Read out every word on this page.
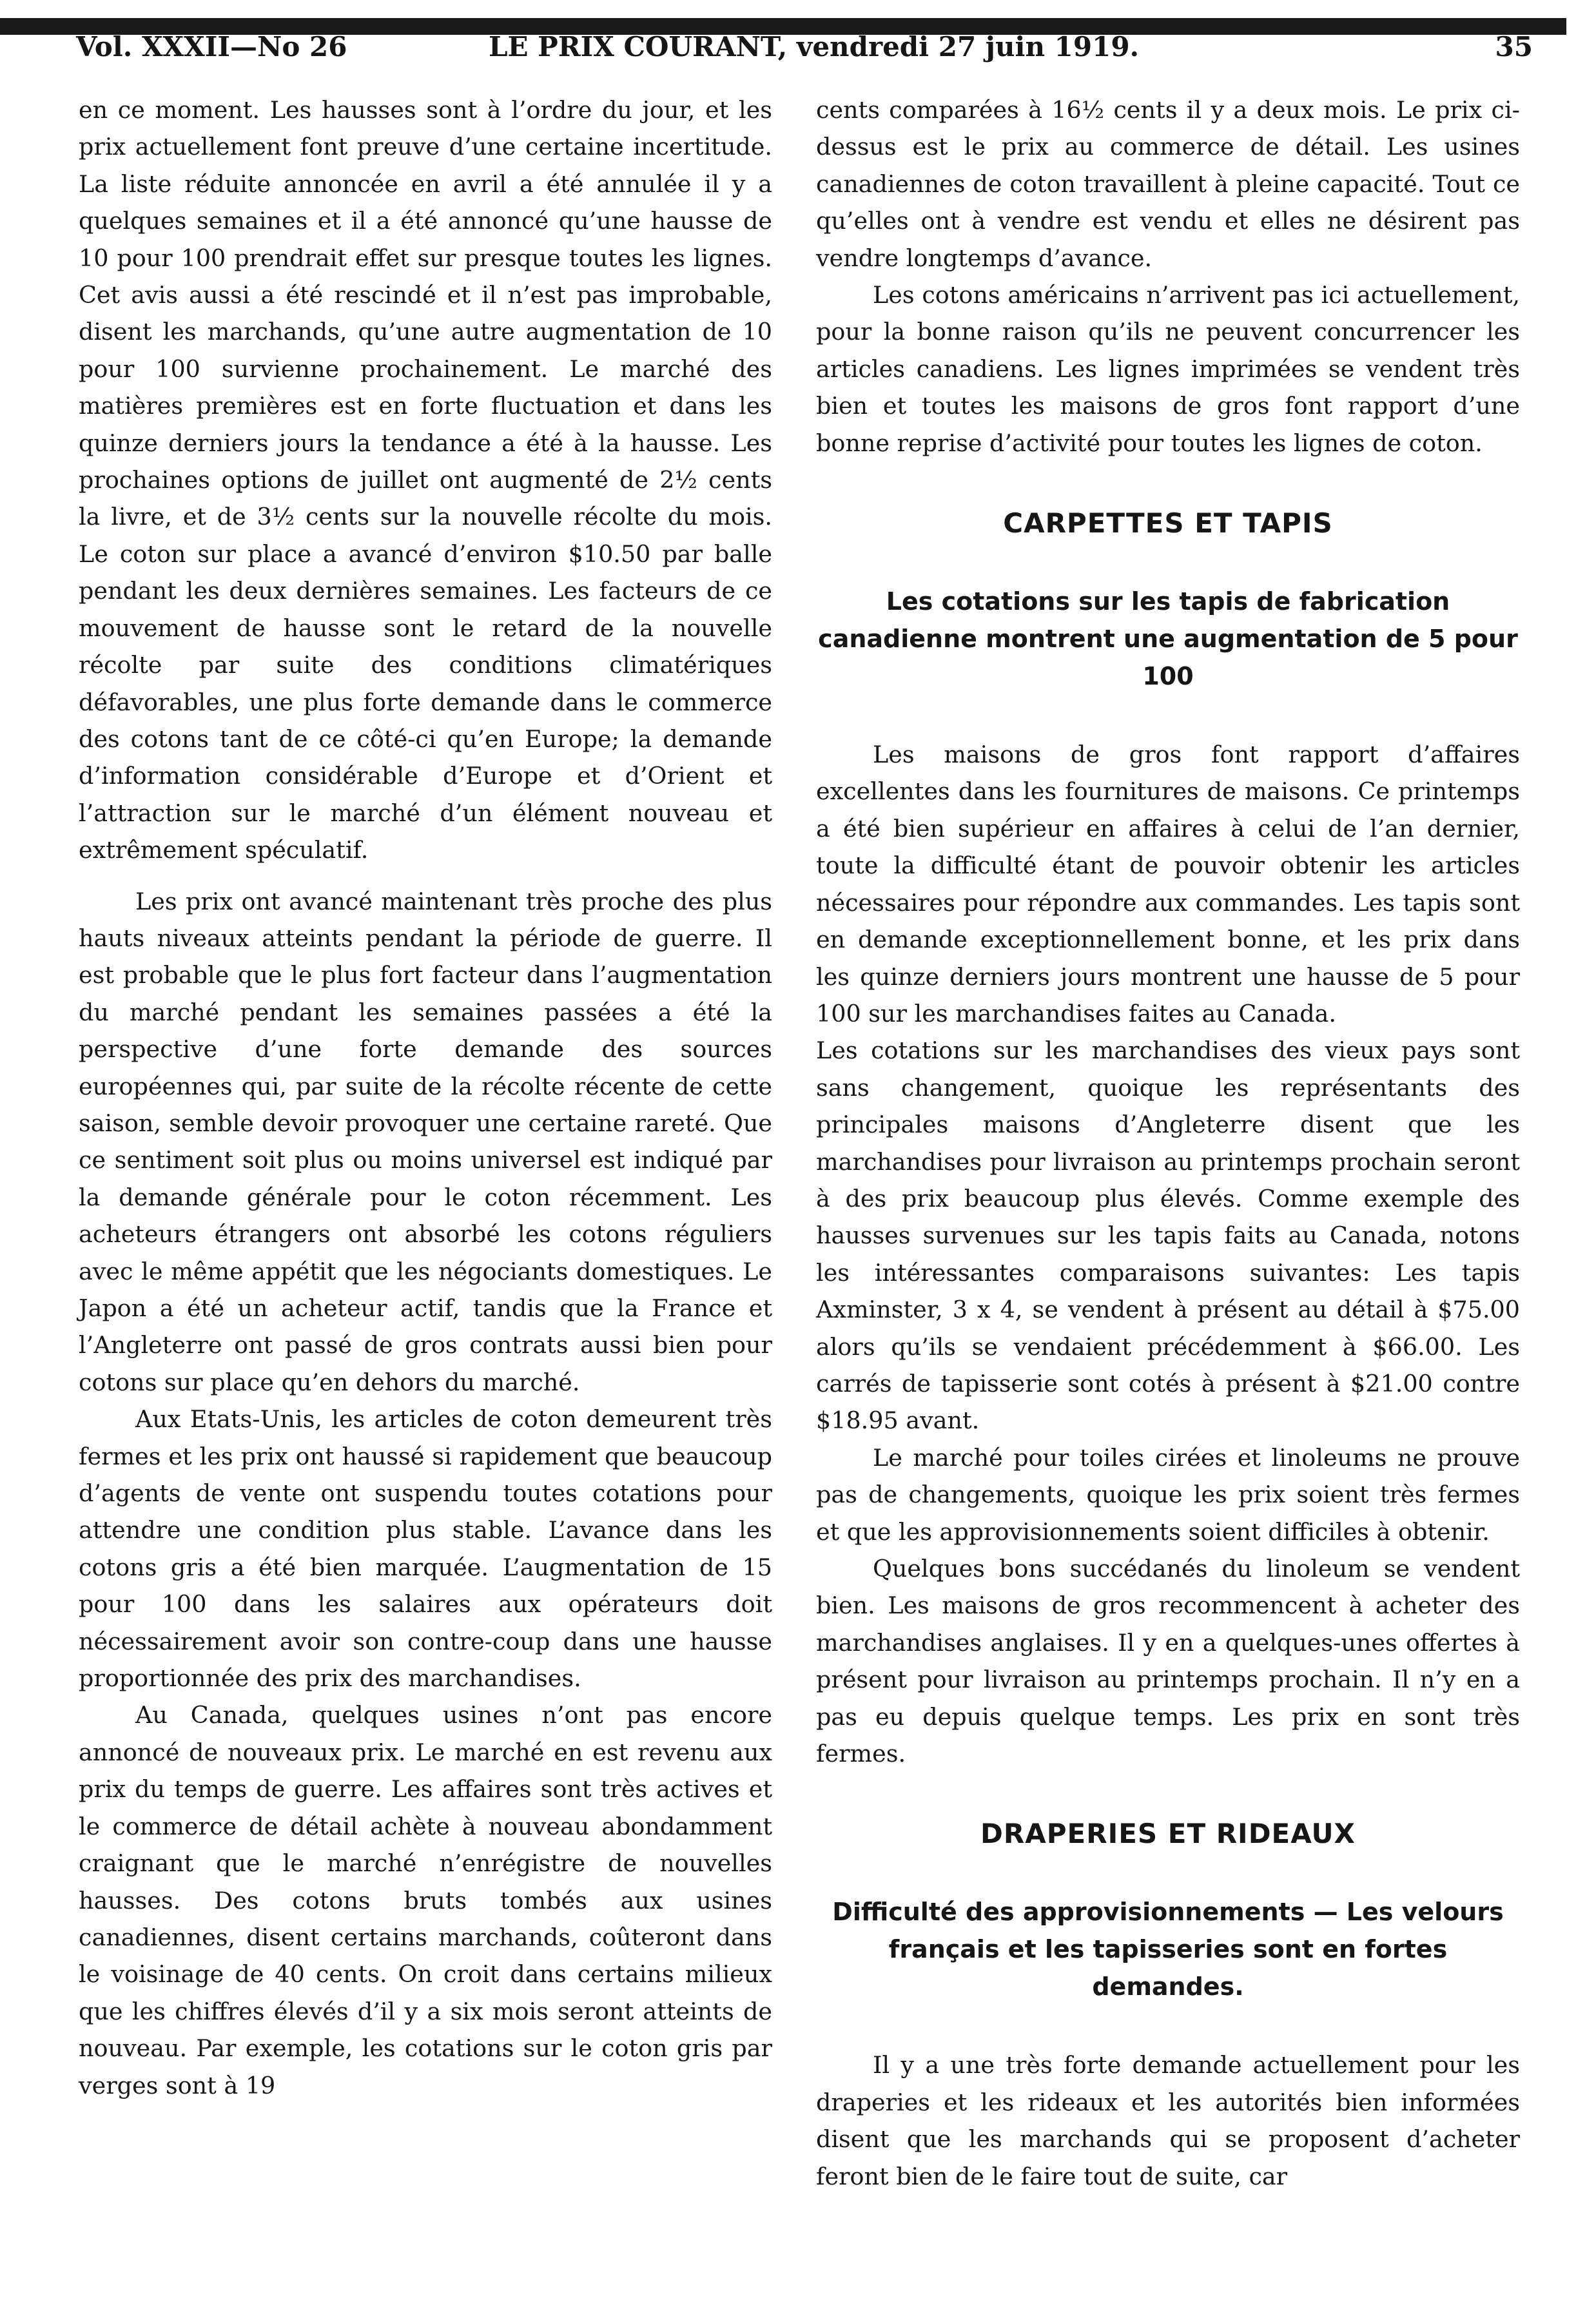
Vol. XXXII—No 26	LE PRIX COURANT, vendredi 27 juin 1919.	35

en ce moment. Les hausses sont à l’ordre du jour, et les prix actuellement font preuve d’une certaine incertitude. La liste réduite annoncée en avril a été annulée il y a quelques semaines et il a été annoncé qu’une hausse de 10 pour 100 prendrait effet sur presque toutes les lignes. Cet avis aussi a été rescindé et il n’est pas improbable, disent les marchands, qu’une autre augmentation de 10 pour 100 survienne prochainement. Le marché des matières premières est en forte fluctuation et dans les quinze derniers jours la tendance a été à la hausse. Les prochaines options de juillet ont augmenté de 2½ cents la livre, et de 3½ cents sur la nouvelle récolte du mois. Le coton sur place a avancé d’environ $10.50 par balle pendant les deux dernières semaines. Les facteurs de ce mouvement de hausse sont le retard de la nouvelle récolte par suite des conditions climatériques défavorables, une plus forte demande dans le commerce des cotons tant de ce côté-ci qu’en Europe; la demande d’information considérable d’Europe et d’Orient et l’attraction sur le marché d’un élément nouveau et extrêmement spéculatif.

Les prix ont avancé maintenant très proche des plus hauts niveaux atteints pendant la période de guerre. Il est probable que le plus fort facteur dans l’augmentation du marché pendant les semaines passées a été la perspective d’une forte demande des sources européennes qui, par suite de la récolte récente de cette saison, semble devoir provoquer une certaine rareté. Que ce sentiment soit plus ou moins universel est indiqué par la demande générale pour le coton récemment. Les acheteurs étrangers ont absorbé les cotons réguliers avec le même appétit que les négociants domestiques. Le Japon a été un acheteur actif, tandis que la France et l’Angleterre ont passé de gros contrats aussi bien pour cotons sur place qu’en dehors du marché.

Aux Etats-Unis, les articles de coton demeurent très fermes et les prix ont haussé si rapidement que beaucoup d’agents de vente ont suspendu toutes cotations pour attendre une condition plus stable. L’avance dans les cotons gris a été bien marquée. L’augmentation de 15 pour 100 dans les salaires aux opérateurs doit nécessairement avoir son contre-coup dans une hausse proportionnée des prix des marchandises.

Au Canada, quelques usines n’ont pas encore annoncé de nouveaux prix. Le marché en est revenu aux prix du temps de guerre. Les affaires sont très actives et le commerce de détail achète à nouveau abondamment craignant que le marché n’enrégistre de nouvelles hausses. Des cotons bruts tombés aux usines canadiennes, disent certains marchands, coûteront dans le voisinage de 40 cents. On croit dans certains milieux que les chiffres élevés d’il y a six mois seront atteints de nouveau. Par exemple, les cotations sur le coton gris par verges sont à 19

cents comparées à 16½ cents il y a deux mois. Le prix ci-dessus est le prix au commerce de détail. Les usines canadiennes de coton travaillent à pleine capacité. Tout ce qu’elles ont à vendre est vendu et elles ne désirent pas vendre longtemps d’avance.

Les cotons américains n’arrivent pas ici actuellement, pour la bonne raison qu’ils ne peuvent concurrencer les articles canadiens. Les lignes imprimées se vendent très bien et toutes les maisons de gros font rapport d’une bonne reprise d’activité pour toutes les lignes de coton.

CARPETTES ET TAPIS
Les cotations sur les tapis de fabrication canadienne montrent une augmentation de 5 pour 100

Les maisons de gros font rapport d’affaires excellentes dans les fournitures de maisons. Ce printemps a été bien supérieur en affaires à celui de l’an dernier, toute la difficulté étant de pouvoir obtenir les articles nécessaires pour répondre aux commandes. Les tapis sont en demande exceptionnellement bonne, et les prix dans les quinze derniers jours montrent une hausse de 5 pour 100 sur les marchandises faites au Canada.

Les cotations sur les marchandises des vieux pays sont sans changement, quoique les représentants des principales maisons d’Angleterre disent que les marchandises pour livraison au printemps prochain seront à des prix beaucoup plus élevés. Comme exemple des hausses survenues sur les tapis faits au Canada, notons les intéressantes comparaisons suivantes: Les tapis Axminster, 3 x 4, se vendent à présent au détail à $75.00 alors qu’ils se vendaient précédemment à $66.00. Les carrés de tapisserie sont cotés à présent à $21.00 contre $18.95 avant.

Le marché pour toiles cirées et linoleums ne prouve pas de changements, quoique les prix soient très fermes et que les approvisionnements soient difficiles à obtenir.

Quelques bons succédanés du linoleum se vendent bien. Les maisons de gros recommencent à acheter des marchandises anglaises. Il y en a quelques-unes offertes à présent pour livraison au printemps prochain. Il n’y en a pas eu depuis quelque temps. Les prix en sont très fermes.

DRAPERIES ET RIDEAUX
Difficulté des approvisionnements — Les velours français et les tapisseries sont en fortes demandes.

Il y a une très forte demande actuellement pour les draperies et les rideaux et les autorités bien informées disent que les marchands qui se proposent d’acheter feront bien de le faire tout de suite, car
